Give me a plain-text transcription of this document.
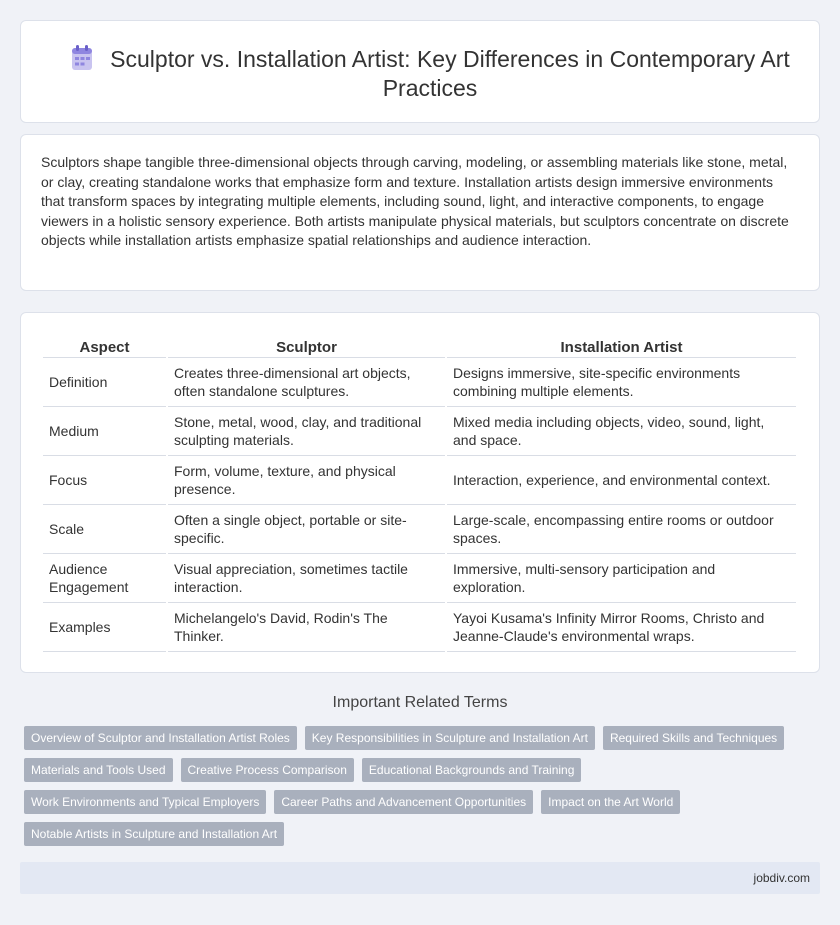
Sculptor vs. Installation Artist: Key Differences in Contemporary Art Practices

Sculptors shape tangible three-dimensional objects through carving, modeling, or assembling materials like stone, metal, or clay, creating standalone works that emphasize form and texture. Installation artists design immersive environments that transform spaces by integrating multiple elements, including sound, light, and interactive components, to engage viewers in a holistic sensory experience. Both artists manipulate physical materials, but sculptors concentrate on discrete objects while installation artists emphasize spatial relationships and audience interaction.

Aspect	Sculptor	Installation Artist
Definition	Creates three-dimensional art objects, often standalone sculptures.	Designs immersive, site-specific environments combining multiple elements.
Medium	Stone, metal, wood, clay, and traditional sculpting materials.	Mixed media including objects, video, sound, light, and space.
Focus	Form, volume, texture, and physical presence.	Interaction, experience, and environmental context.
Scale	Often a single object, portable or site-specific.	Large-scale, encompassing entire rooms or outdoor spaces.
Audience Engagement	Visual appreciation, sometimes tactile interaction.	Immersive, multi-sensory participation and exploration.
Examples	Michelangelo's David, Rodin's The Thinker.	Yayoi Kusama's Infinity Mirror Rooms, Christo and Jeanne-Claude's environmental wraps.
Important Related Terms
Overview of Sculptor and Installation Artist Roles	Key Responsibilities in Sculpture and Installation Art	Required Skills and Techniques
Materials and Tools Used	Creative Process Comparison	Educational Backgrounds and Training
Work Environments and Typical Employers	Career Paths and Advancement Opportunities	Impact on the Art World
Notable Artists in Sculpture and Installation Art
jobdiv.com
